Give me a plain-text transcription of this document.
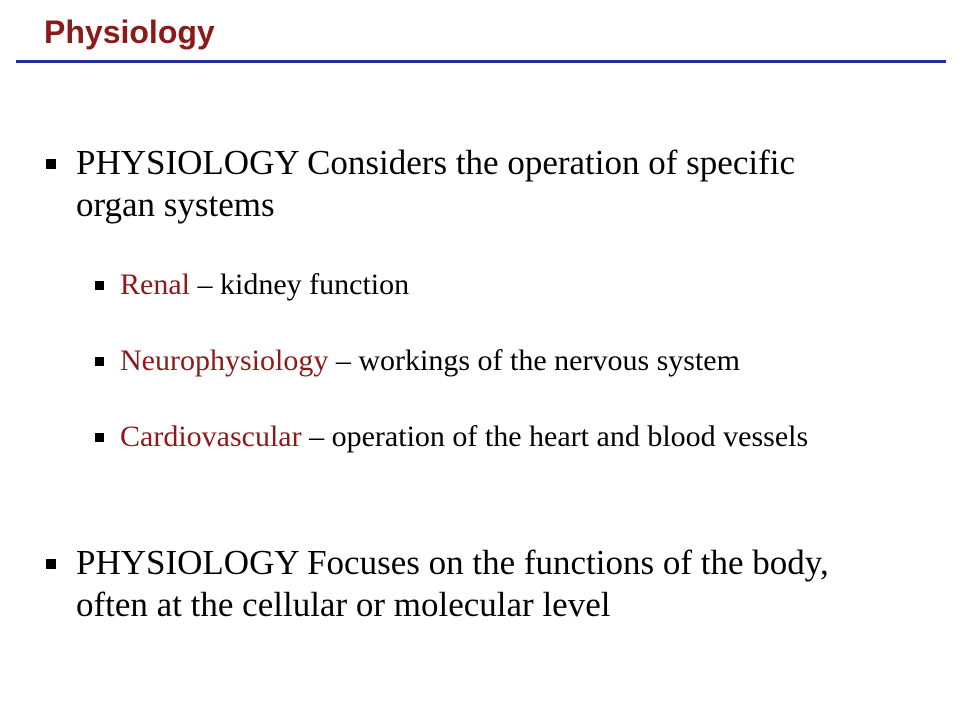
Physiology
PHYSIOLOGY Considers the operation of specific organ systems
Renal – kidney function
Neurophysiology – workings of the nervous system
Cardiovascular – operation of the heart and blood vessels
PHYSIOLOGY Focuses on the functions of the body, often at the cellular or molecular level
